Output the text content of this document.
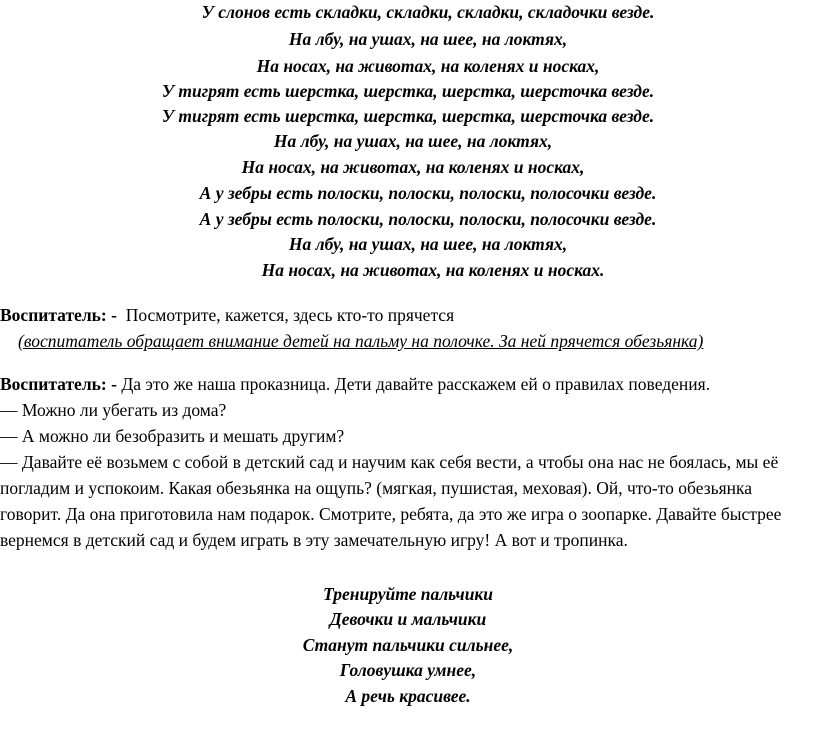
У слонов есть складки, складки, складки, складочки везде.
На лбу, на ушах, на шее, на локтях,
На носах, на животах, на коленях и носках,
У тигрят есть шерстка, шерстка, шерстка, шерсточка везде.
У тигрят есть шерстка, шерстка, шерстка, шерсточка везде.
На лбу, на ушах, на шее, на локтях,
На носах, на животах, на коленях и носках,
А у зебры есть полоски, полоски, полоски, полосочки везде.
А у зебры есть полоски, полоски, полоски, полосочки везде.
На лбу, на ушах, на шее, на локтях,
На носах, на животах, на коленях и носках.
Воспитатель: - Посмотрите, кажется, здесь кто-то прячется
(воспитатель обращает внимание детей на пальму на полочке. За ней прячется обезьянка)
Воспитатель: - Да это же наша проказница. Дети давайте расскажем ей о правилах поведения.

— Можно ли убегать из дома?

— А можно ли безобразить и мешать другим?

— Давайте её возьмем с собой в детский сад и научим как себя вести, а чтобы она нас не боялась, мы её погладим и успокоим. Какая обезьянка на ощупь? (мягкая, пушистая, меховая). Ой, что-то обезьянка говорит. Да она приготовила нам подарок. Смотрите, ребята, да это же игра о зоопарке. Давайте быстрее вернемся в детский сад и будем играть в эту замечательную игру! А вот и тропинка.

Тренируйте пальчики
Девочки и мальчики
Станут пальчики сильнее,
Головушка умнее,
А речь красивее.
